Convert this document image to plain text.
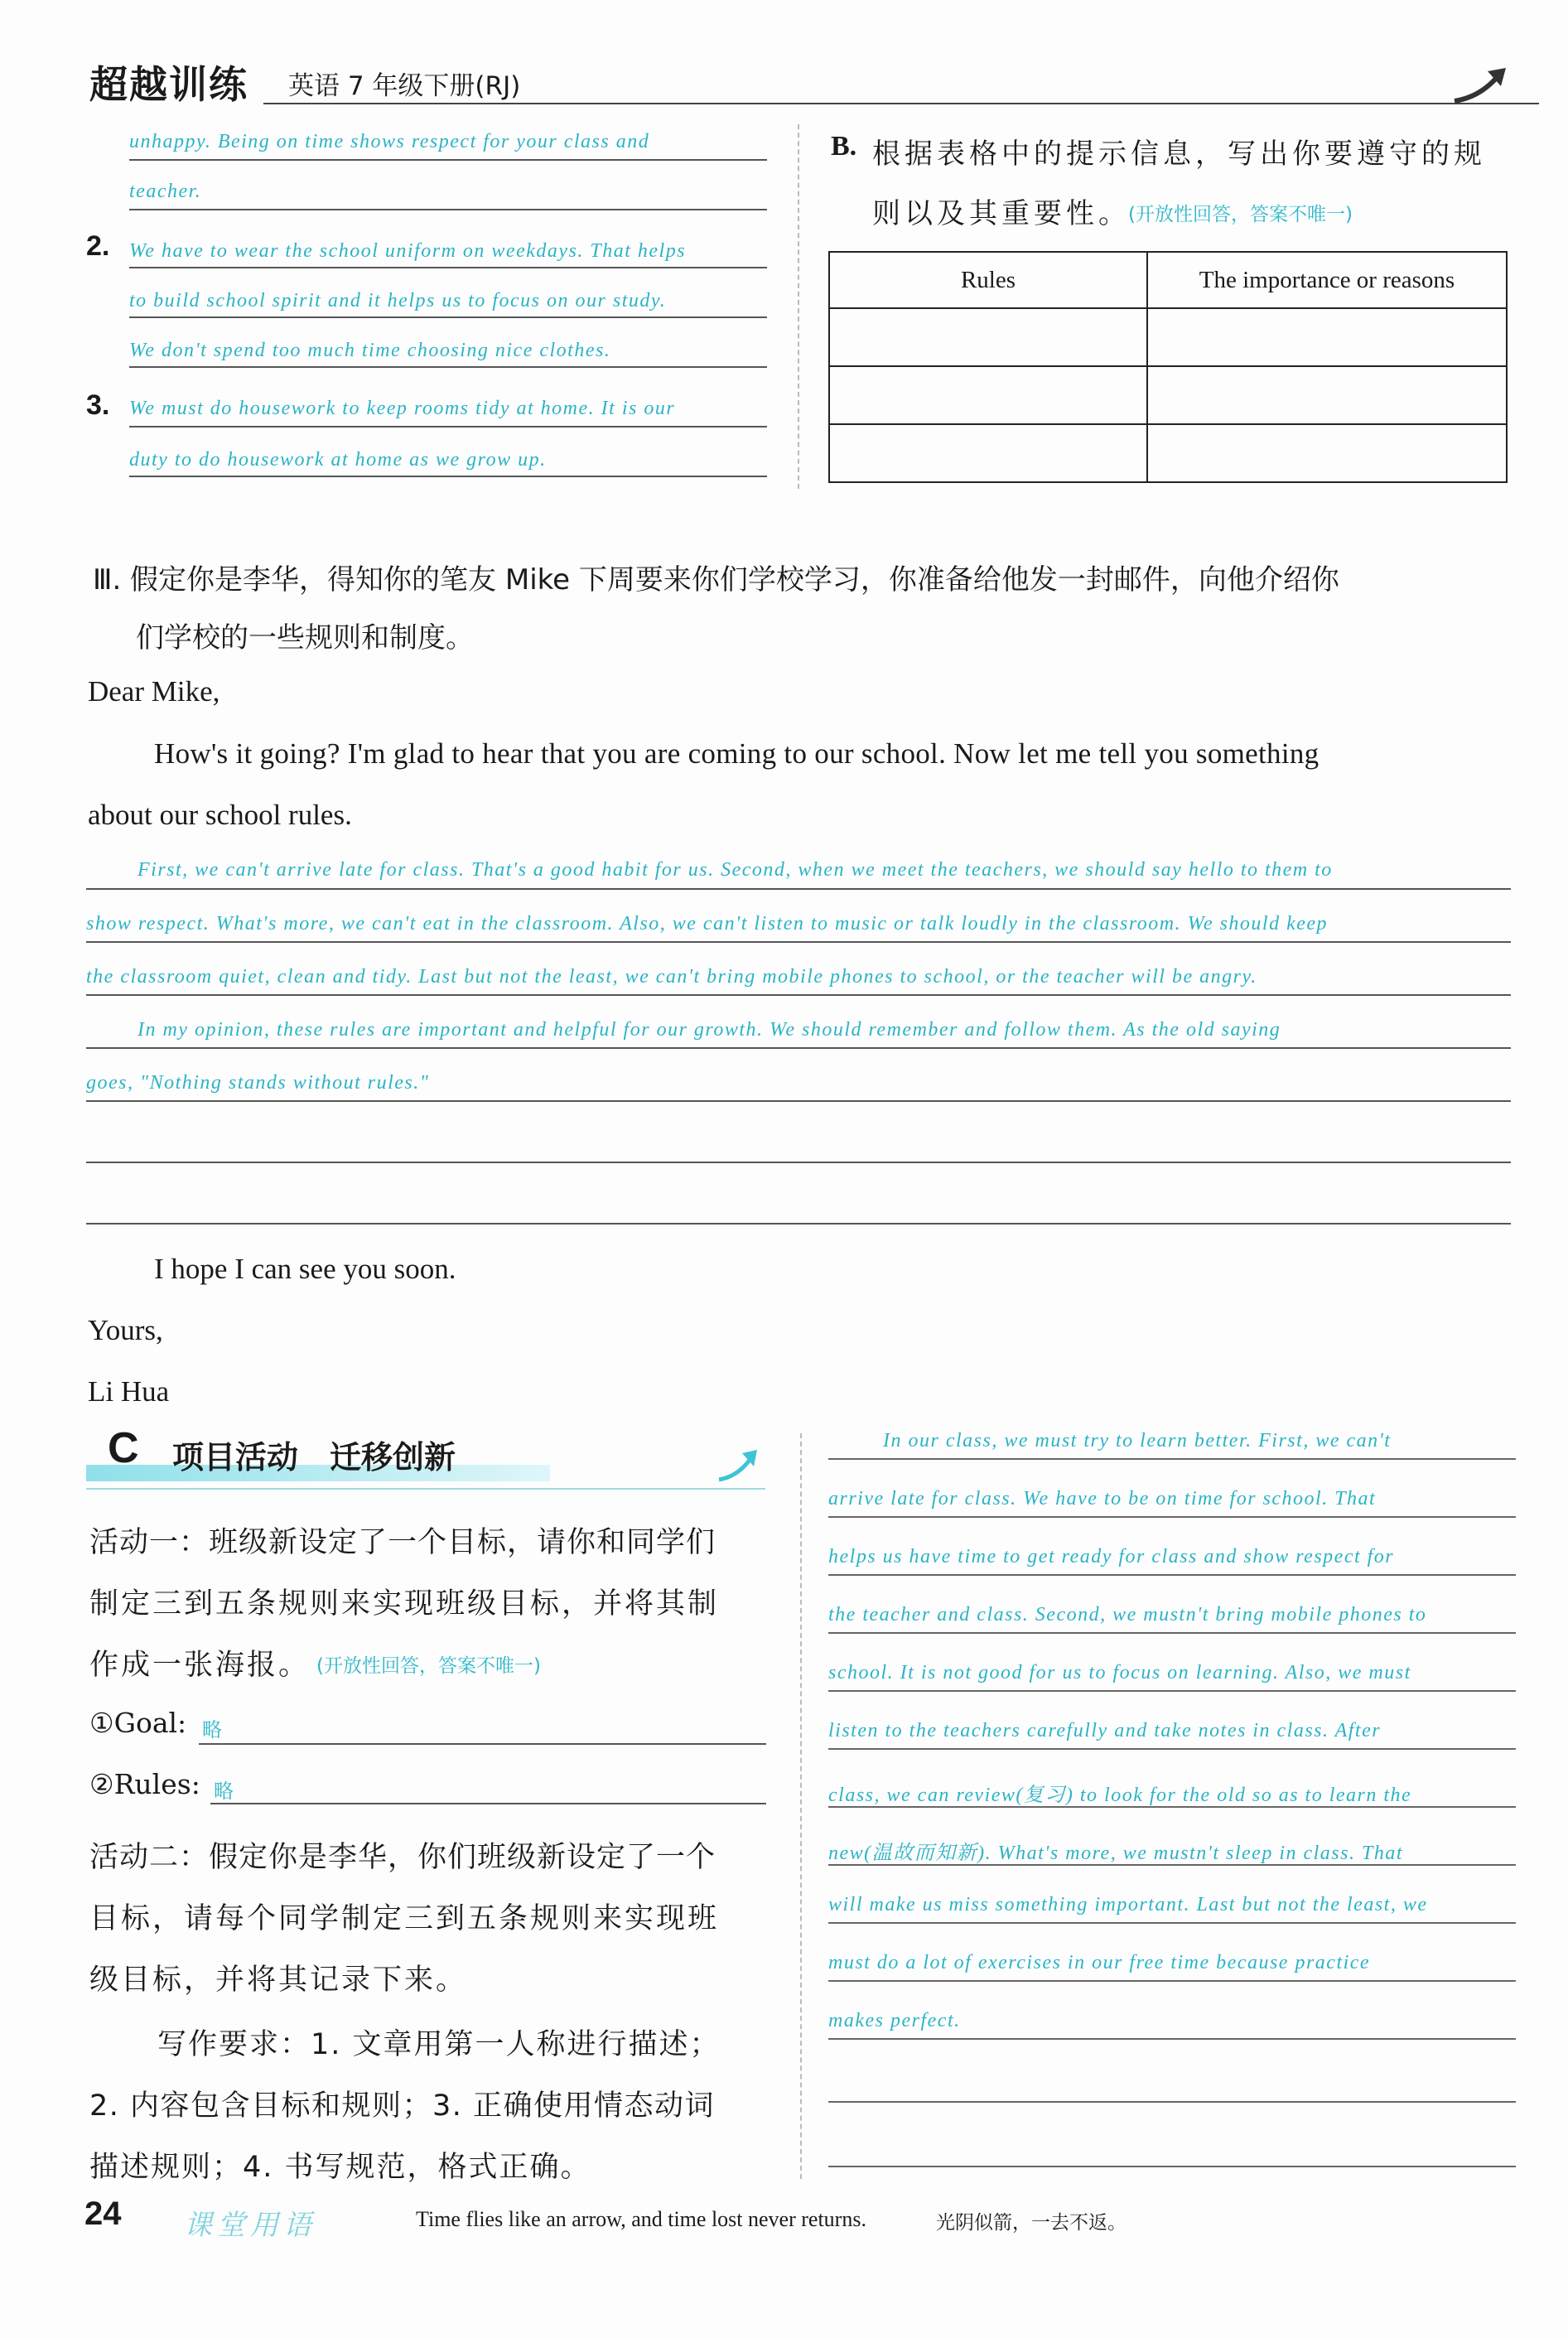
超越训练 英语 7 年级下册(RJ)
unhappy. Being on time shows respect for your class and
teacher.
2. We have to wear the school uniform on weekdays. That helps
to build school spirit and it helps us to focus on our study.
We don't spend too much time choosing nice clothes.
3. We must do housework to keep rooms tidy at home. It is our
duty to do housework at home as we grow up.
B. 根据表格中的提示信息，写出你要遵守的规
则以及其重要性。
(开放性回答，答案不唯一)
Rules	The importance or reasons

Ⅲ. 假定你是李华，得知你的笔友 Mike 下周要来你们学校学习，你准备给他发一封邮件，向他介绍你
们学校的一些规则和制度。
Dear Mike,
How's it going? I'm glad to hear that you are coming to our school. Now let me tell you something
about our school rules.
First, we can't arrive late for class. That's a good habit for us. Second, when we meet the teachers, we should say hello to them to
show respect. What's more, we can't eat in the classroom. Also, we can't listen to music or talk loudly in the classroom. We should keep
the classroom quiet, clean and tidy. Last but not the least, we can't bring mobile phones to school, or the teacher will be angry.
In my opinion, these rules are important and helpful for our growth. We should remember and follow them. As the old saying
goes, "Nothing stands without rules."
I hope I can see you soon.
Yours,
Li Hua
C 项目活动　迁移创新
活动一：班级新设定了一个目标，请你和同学们
制定三到五条规则来实现班级目标，并将其制
作成一张海报。 (开放性回答，答案不唯一)
①Goal: 略
②Rules: 略
活动二：假定你是李华，你们班级新设定了一个
目标，请每个同学制定三到五条规则来实现班
级目标，并将其记录下来。
写作要求：1. 文章用第一人称进行描述；
2. 内容包含目标和规则；3. 正确使用情态动词
描述规则；4. 书写规范，格式正确。
In our class, we must try to learn better. First, we can't
arrive late for class. We have to be on time for school. That
helps us have time to get ready for class and show respect for
the teacher and class. Second, we mustn't bring mobile phones to
school. It is not good for us to focus on learning. Also, we must
listen to the teachers carefully and take notes in class. After
class, we can review(复习) to look for the old so as to learn the
new(温故而知新). What's more, we mustn't sleep in class. That
will make us miss something important. Last but not the least, we
must do a lot of exercises in our free time because practice
makes perfect.
24 课堂用语	Time flies like an arrow, and time lost never returns.	光阴似箭，一去不返。
